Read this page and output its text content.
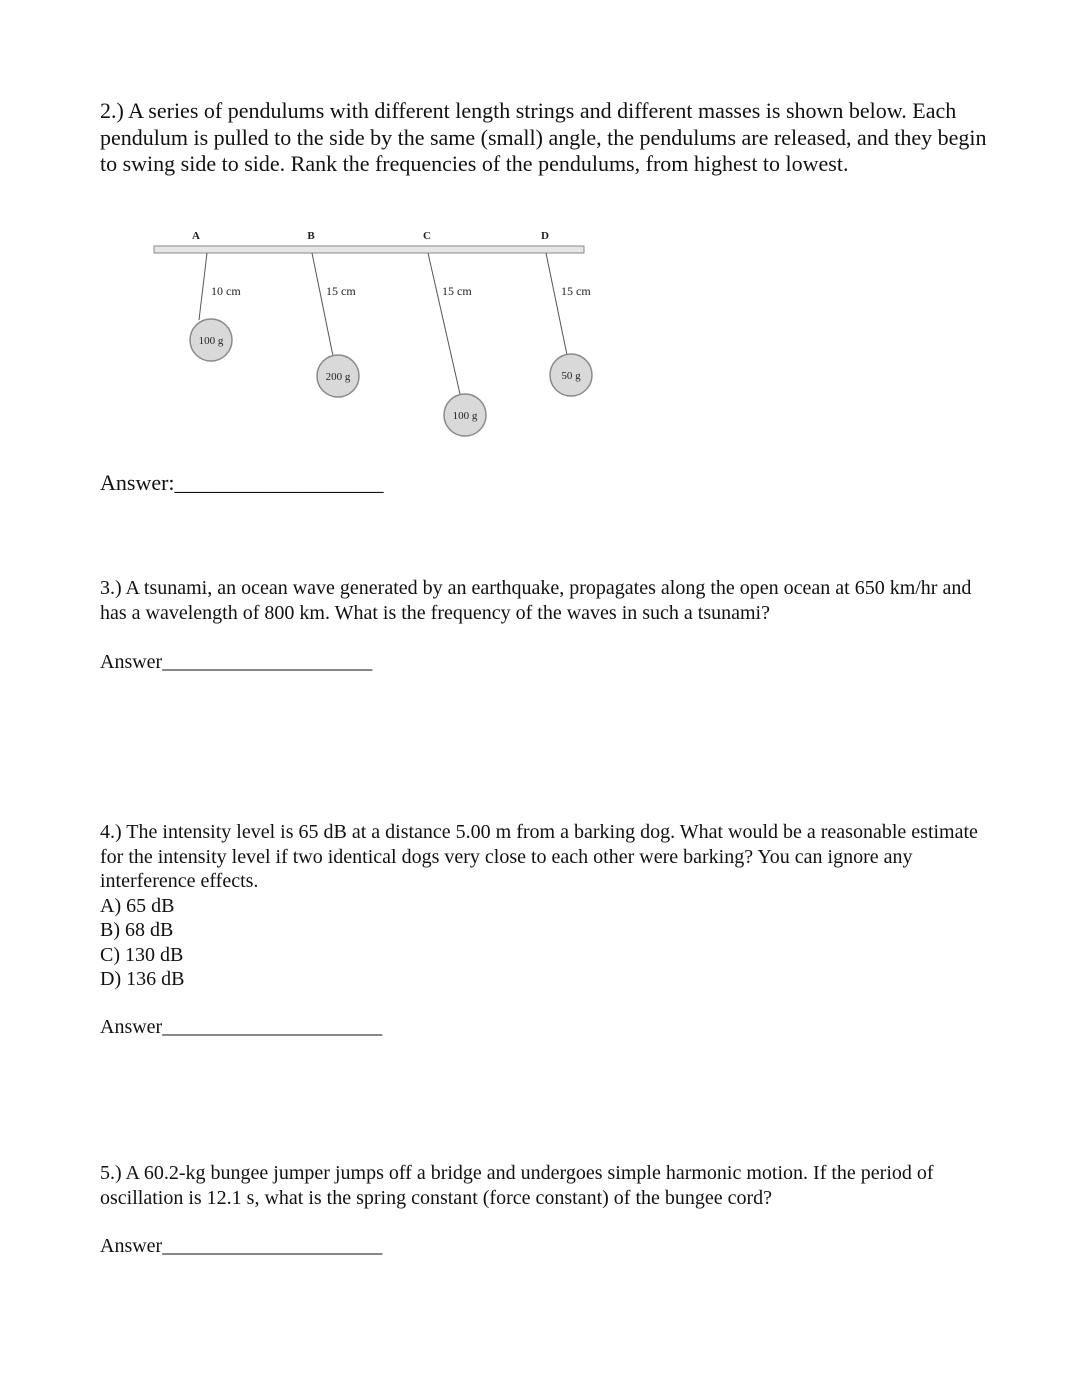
2.) A series of pendulums with different length strings and different masses is shown below. Each pendulum is pulled to the side by the same (small) angle, the pendulums are released, and they begin to swing side to side. Rank the frequencies of the pendulums, from highest to lowest.

A
10 cm
100 g
B
15 cm
200 g
C
15 cm
100 g
D
15 cm
50 g
Answer:___________________

3.) A tsunami, an ocean wave generated by an earthquake, propagates along the open ocean at 650 km/hr and has a wavelength of 800 km. What is the frequency of the waves in such a tsunami?

Answer_____________________
4.) The intensity level is 65 dB at a distance 5.00 m from a barking dog. What would be a reasonable estimate for the intensity level if two identical dogs very close to each other were barking? You can ignore any interference effects.
A) 65 dB
B) 68 dB
C) 130 dB
D) 136 dB
Answer______________________

5.) A 60.2-kg bungee jumper jumps off a bridge and undergoes simple harmonic motion. If the period of oscillation is 12.1 s, what is the spring constant (force constant) of the bungee cord?

Answer______________________
